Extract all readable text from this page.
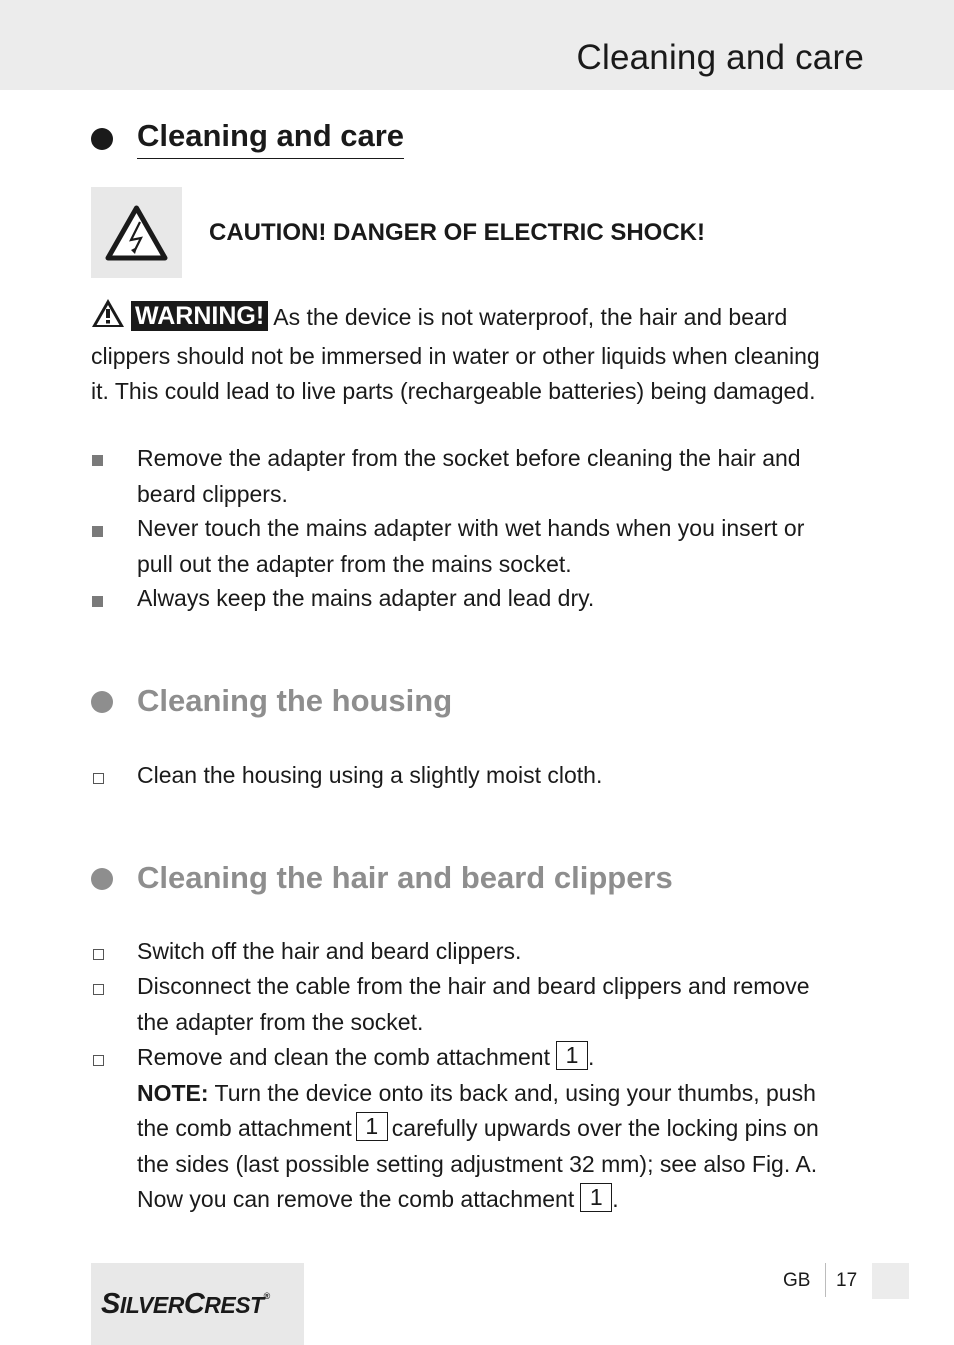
Cleaning and care
Cleaning and care
CAUTION! DANGER OF ELECTRIC SHOCK!
WARNING! As the device is not waterproof, the hair and beard
clippers should not be immersed in water or other liquids when cleaning
it. This could lead to live parts (rechargeable batteries) being damaged.
Remove the adapter from the socket before cleaning the hair and
beard clippers.
Never touch the mains adapter with wet hands when you insert or
pull out the adapter from the mains socket.
Always keep the mains adapter and lead dry.
Cleaning the housing
Clean the housing using a slightly moist cloth.
Cleaning the hair and beard clippers
Switch off the hair and beard clippers.
Disconnect the cable from the hair and beard clippers and remove
the adapter from the socket.
Remove and clean the comb attachment 1 .
NOTE: Turn the device onto its back and, using your thumbs, push
the comb attachment 1 carefully upwards over the locking pins on
the sides (last possible setting adjustment 32 mm); see also Fig. A.
Now you can remove the comb attachment 1 .
SILVERCREST®
GB 17
